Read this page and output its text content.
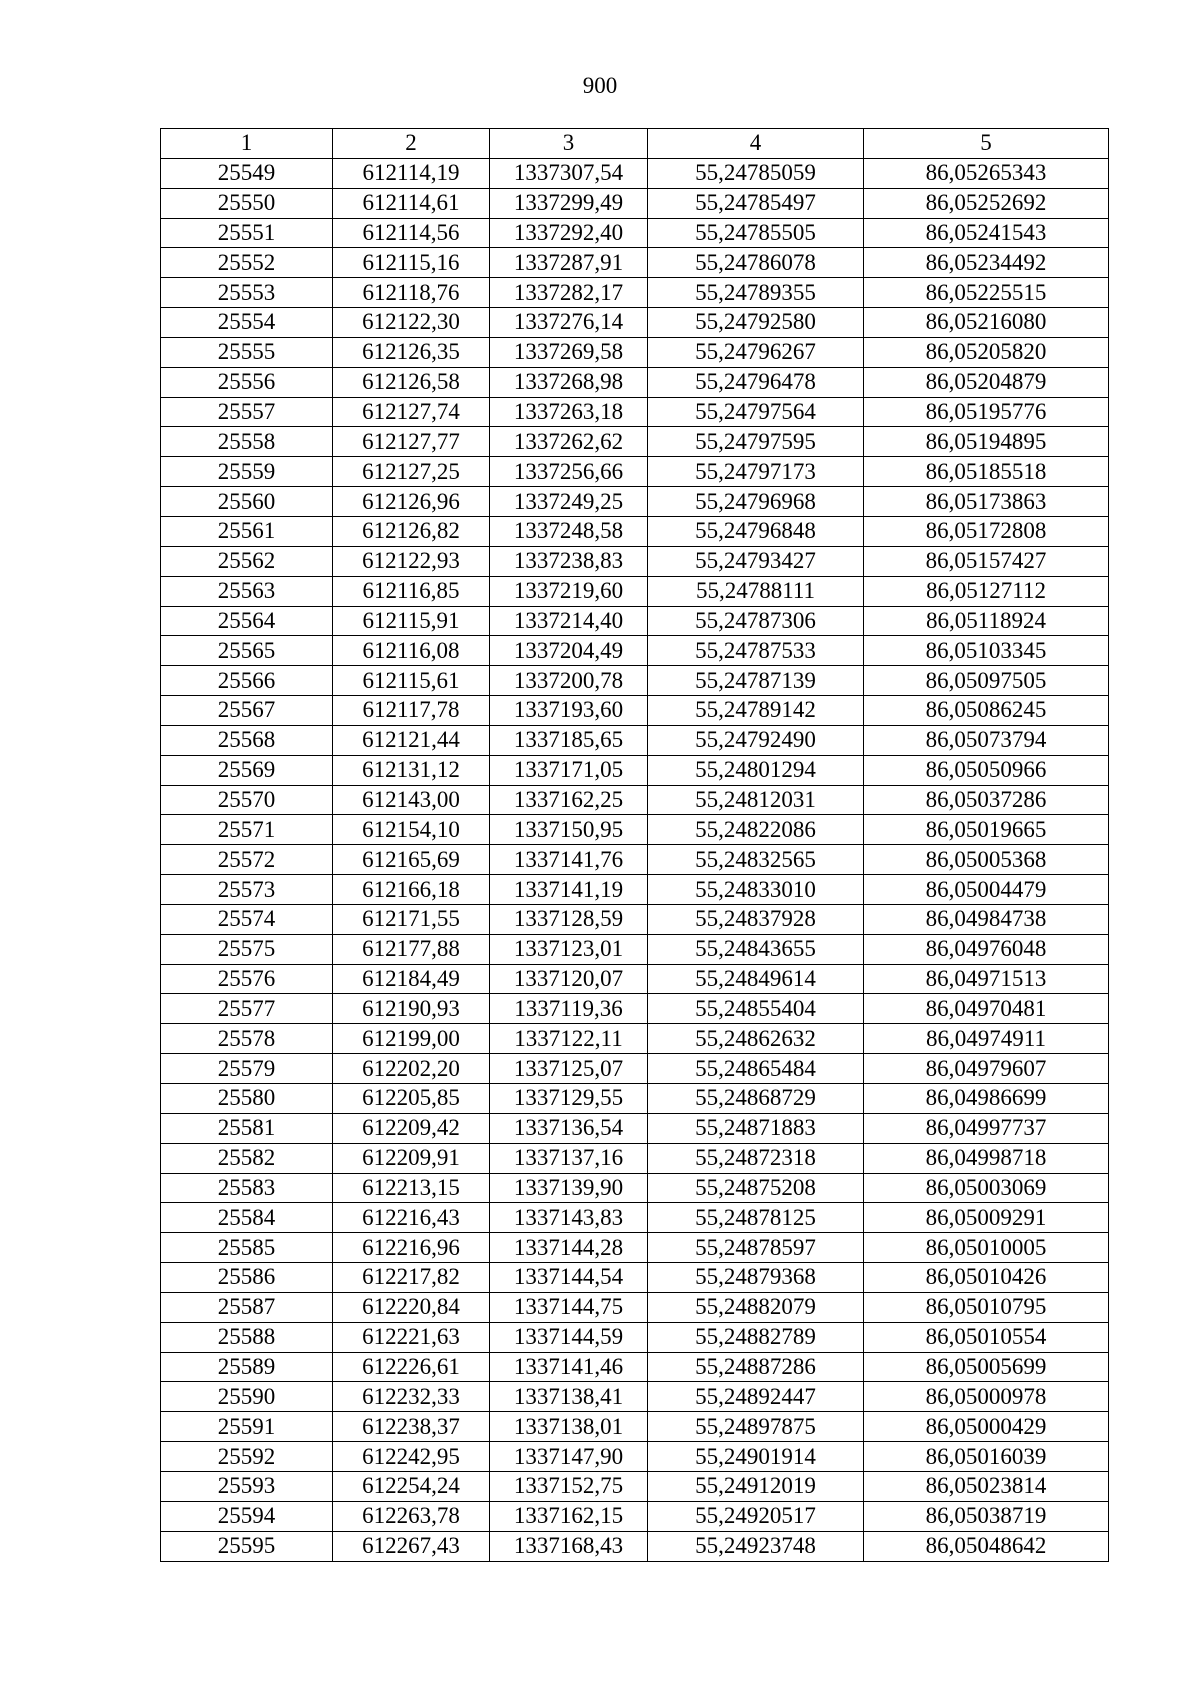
900
1	2	3	4	5
25549	612114,19	1337307,54	55,24785059	86,05265343
25550	612114,61	1337299,49	55,24785497	86,05252692
25551	612114,56	1337292,40	55,24785505	86,05241543
25552	612115,16	1337287,91	55,24786078	86,05234492
25553	612118,76	1337282,17	55,24789355	86,05225515
25554	612122,30	1337276,14	55,24792580	86,05216080
25555	612126,35	1337269,58	55,24796267	86,05205820
25556	612126,58	1337268,98	55,24796478	86,05204879
25557	612127,74	1337263,18	55,24797564	86,05195776
25558	612127,77	1337262,62	55,24797595	86,05194895
25559	612127,25	1337256,66	55,24797173	86,05185518
25560	612126,96	1337249,25	55,24796968	86,05173863
25561	612126,82	1337248,58	55,24796848	86,05172808
25562	612122,93	1337238,83	55,24793427	86,05157427
25563	612116,85	1337219,60	55,24788111	86,05127112
25564	612115,91	1337214,40	55,24787306	86,05118924
25565	612116,08	1337204,49	55,24787533	86,05103345
25566	612115,61	1337200,78	55,24787139	86,05097505
25567	612117,78	1337193,60	55,24789142	86,05086245
25568	612121,44	1337185,65	55,24792490	86,05073794
25569	612131,12	1337171,05	55,24801294	86,05050966
25570	612143,00	1337162,25	55,24812031	86,05037286
25571	612154,10	1337150,95	55,24822086	86,05019665
25572	612165,69	1337141,76	55,24832565	86,05005368
25573	612166,18	1337141,19	55,24833010	86,05004479
25574	612171,55	1337128,59	55,24837928	86,04984738
25575	612177,88	1337123,01	55,24843655	86,04976048
25576	612184,49	1337120,07	55,24849614	86,04971513
25577	612190,93	1337119,36	55,24855404	86,04970481
25578	612199,00	1337122,11	55,24862632	86,04974911
25579	612202,20	1337125,07	55,24865484	86,04979607
25580	612205,85	1337129,55	55,24868729	86,04986699
25581	612209,42	1337136,54	55,24871883	86,04997737
25582	612209,91	1337137,16	55,24872318	86,04998718
25583	612213,15	1337139,90	55,24875208	86,05003069
25584	612216,43	1337143,83	55,24878125	86,05009291
25585	612216,96	1337144,28	55,24878597	86,05010005
25586	612217,82	1337144,54	55,24879368	86,05010426
25587	612220,84	1337144,75	55,24882079	86,05010795
25588	612221,63	1337144,59	55,24882789	86,05010554
25589	612226,61	1337141,46	55,24887286	86,05005699
25590	612232,33	1337138,41	55,24892447	86,05000978
25591	612238,37	1337138,01	55,24897875	86,05000429
25592	612242,95	1337147,90	55,24901914	86,05016039
25593	612254,24	1337152,75	55,24912019	86,05023814
25594	612263,78	1337162,15	55,24920517	86,05038719
25595	612267,43	1337168,43	55,24923748	86,05048642
